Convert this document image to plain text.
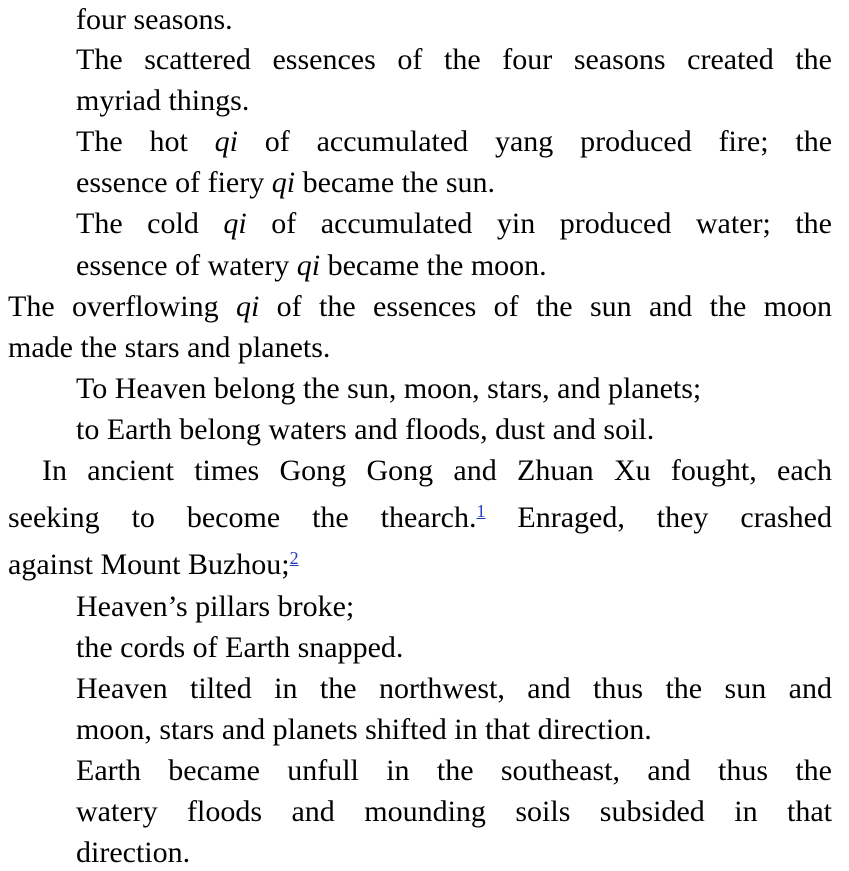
four seasons.
The scattered essences of the four seasons created the
myriad things.
The hot qi of accumulated yang produced fire; the
essence of fiery qi became the sun.
The cold qi of accumulated yin produced water; the
essence of watery qi became the moon.
The overflowing qi of the essences of the sun and the moon
made the stars and planets.
To Heaven belong the sun, moon, stars, and planets;
to Earth belong waters and floods, dust and soil.
In ancient times Gong Gong and Zhuan Xu fought, each
seeking to become the thearch.$^1$ Enraged, they crashed
against Mount Buzhou;$^2$
Heaven’s pillars broke;
the cords of Earth snapped.
Heaven tilted in the northwest, and thus the sun and
moon, stars and planets shifted in that direction.
Earth became unfull in the southeast, and thus the
watery floods and mounding soils subsided in that
direction.
